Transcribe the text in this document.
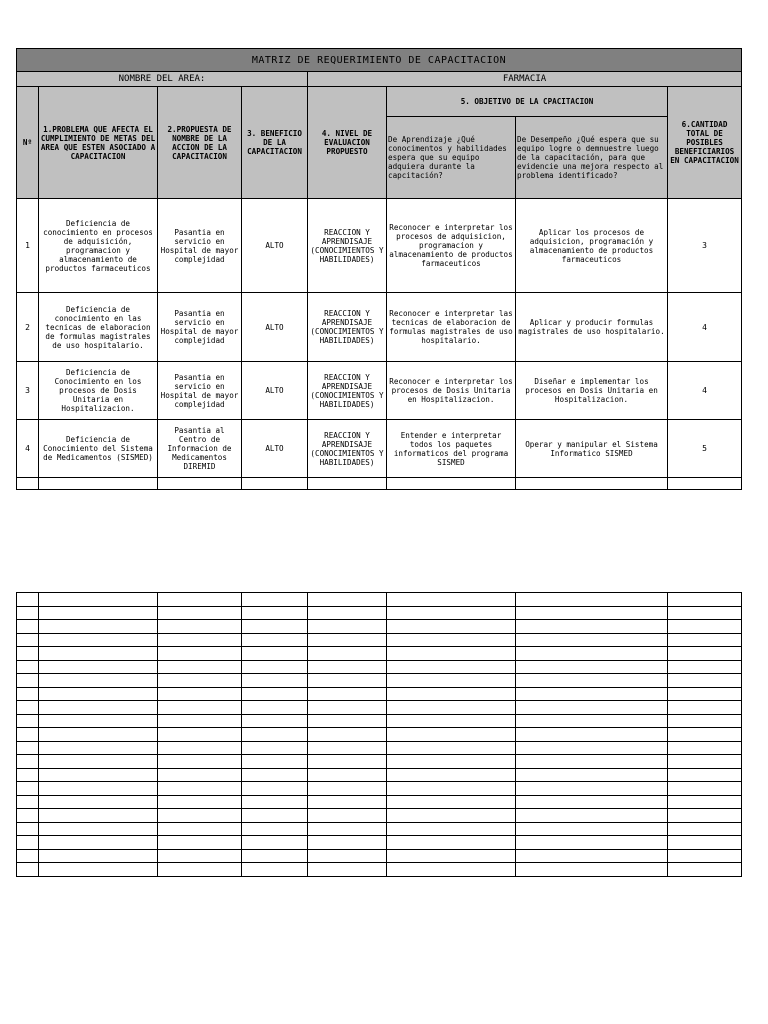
MATRIZ DE REQUERIMIENTO DE CAPACITACION							
NOMBRE DEL AREA:				FARMACIA			
Nº	1.PROBLEMA QUE AFECTA EL CUMPLIMIENTO DE METAS DEL AREA QUE ESTEN ASOCIADO A CAPACITACION	2.PROPUESTA DE NOMBRE DE LA ACCION DE LA CAPACITACION	3. BENEFICIO DE LA CAPACITACION	4. NIVEL DE EVALUACION PROPUESTO	5. OBJETIVO DE LA CPACITACION		6.CANTIDAD TOTAL DE POSIBLES BENEFICIARIOS EN CAPACITACION
					De Aprendizaje ¿Qué conocimentos y habilidades espera que su equipo adquiera durante la capcitación?	De Desempeño ¿Qué espera que su equipo logre o demnuestre luego de la capacitación, para que evidencie una mejora respecto al problema identificado?	
1	Deficiencia de conocimiento en procesos de adquisición, programacion y almacenamiento de productos farmaceuticos	Pasantia en servicio en Hospital de mayor complejidad	ALTO	REACCION Y APRENDISAJE (CONOCIMIENTOS Y HABILIDADES)	Reconocer e interpretar los procesos de adquisicion, programacion y almacenamiento de productos farmaceuticos	Aplicar los procesos de adquisicion, programación y almacenamiento de productos farmaceuticos	3
2	Deficiencia de conocimiento en las tecnicas de elaboracion de formulas magistrales de uso hospitalario.	Pasantia en servicio en Hospital de mayor complejidad	ALTO	REACCION Y APRENDISAJE (CONOCIMIENTOS Y HABILIDADES)	Reconocer e interpretar las tecnicas de elaboracion de formulas magistrales de uso hospitalario.	Aplicar y producir formulas magistrales de uso hospitalario.	4
3	Deficiencia de Conocimiento en los procesos de Dosis Unitaria en Hospitalizacion.	Pasantia en servicio en Hospital de mayor complejidad	ALTO	REACCION Y APRENDISAJE (CONOCIMIENTOS Y HABILIDADES)	Reconocer e interpretar los procesos de Dosis Unitaria en Hospitalizacion.	Diseñar e implementar los procesos en Dosis Unitaria en Hospitalizacion.	4
4	Deficiencia de Conocimiento del Sistema de Medicamentos (SISMED)	Pasantia al Centro de Informacion de Medicamentos DIREMID	ALTO	REACCION Y APRENDISAJE (CONOCIMIENTOS Y HABILIDADES)	Entender e interpretar todos los paquetes informaticos del programa SISMED	Operar y manipular el Sistema Informatico SISMED	5
